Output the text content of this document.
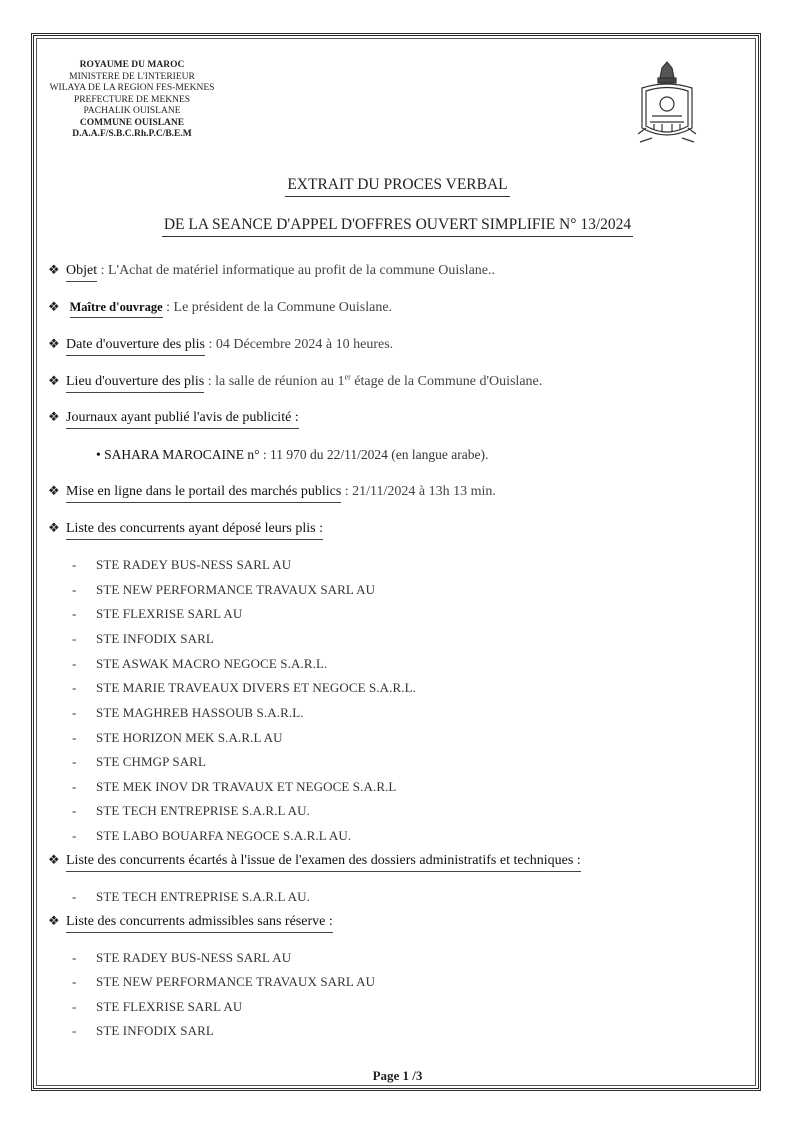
ROYAUME DU MAROC
MINISTERE DE L'INTERIEUR
WILAYA DE LA REGION FES-MEKNES
PREFECTURE DE MEKNES
PACHALIK OUISLANE
COMMUNE OUISLANE
D.A.A.F/S.B.C.Rh.P.C/B.E.M
EXTRAIT DU PROCES VERBAL
DE LA SEANCE D'APPEL D'OFFRES OUVERT SIMPLIFIE N° 13/2024
❖ Objet : L'Achat de matériel informatique au profit de la commune Ouislane..
❖ Maître d'ouvrage : Le président de la Commune Ouislane.
❖ Date d'ouverture des plis : 04 Décembre 2024 à 10 heures.
❖ Lieu d'ouverture des plis : la salle de réunion au 1er étage de la Commune d'Ouislane.
❖ Journaux ayant publié l'avis de publicité :
• SAHARA MAROCAINE n° : 11 970 du 22/11/2024 (en langue arabe).
❖ Mise en ligne dans le portail des marchés publics : 21/11/2024 à 13h 13 min.
❖ Liste des concurrents ayant déposé leurs plis :
- STE RADEY BUS-NESS SARL AU
- STE NEW PERFORMANCE TRAVAUX SARL AU
- STE FLEXRISE SARL AU
- STE INFODIX SARL
- STE ASWAK MACRO NEGOCE S.A.R.L.
- STE MARIE TRAVEAUX DIVERS ET NEGOCE S.A.R.L.
- STE MAGHREB HASSOUB S.A.R.L.
- STE HORIZON MEK S.A.R.L AU
- STE CHMGP SARL
- STE MEK INOV DR TRAVAUX ET NEGOCE S.A.R.L
- STE TECH ENTREPRISE S.A.R.L AU.
- STE LABO BOUARFA NEGOCE S.A.R.L AU.
❖ Liste des concurrents écartés à l'issue de l'examen des dossiers administratifs et techniques :
- STE TECH ENTREPRISE S.A.R.L AU.
❖ Liste des concurrents admissibles sans réserve :
- STE RADEY BUS-NESS SARL AU
- STE NEW PERFORMANCE TRAVAUX SARL AU
- STE FLEXRISE SARL AU
- STE INFODIX SARL
Page 1 /3
